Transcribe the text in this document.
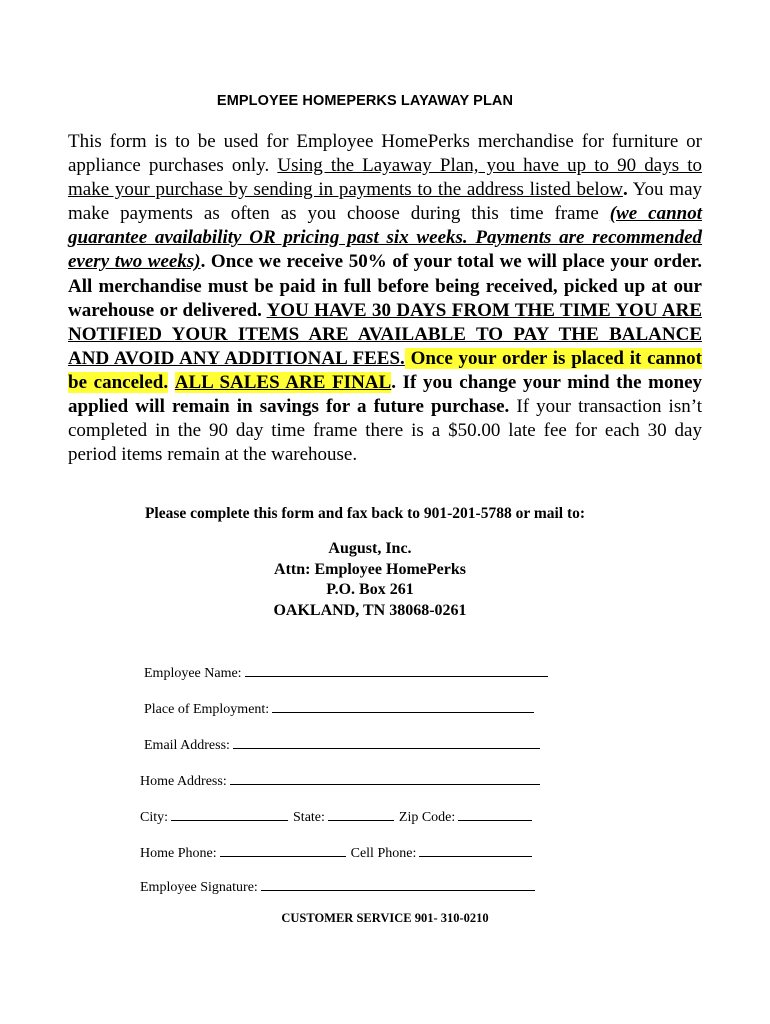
EMPLOYEE HOMEPERKS LAYAWAY PLAN
This form is to be used for Employee HomePerks merchandise for furniture or appliance purchases only. Using the Layaway Plan, you have up to 90 days to make your purchase by sending in payments to the address listed below. You may make payments as often as you choose during this time frame (we cannot guarantee availability OR pricing past six weeks. Payments are recommended every two weeks). Once we receive 50% of your total we will place your order. All merchandise must be paid in full before being received, picked up at our warehouse or delivered. YOU HAVE 30 DAYS FROM THE TIME YOU ARE NOTIFIED YOUR ITEMS ARE AVAILABLE TO PAY THE BALANCE AND AVOID ANY ADDITIONAL FEES. Once your order is placed it cannot be canceled. ALL SALES ARE FINAL. If you change your mind the money applied will remain in savings for a future purchase. If your transaction isn’t completed in the 90 day time frame there is a $50.00 late fee for each 30 day period items remain at the warehouse.
Please complete this form and fax back to 901-201-5788 or mail to:
August, Inc.
Attn: Employee HomePerks
P.O. Box 261
OAKLAND, TN 38068-0261
Employee Name:
Place of Employment:
Email Address:
Home Address:
City:	State:	Zip Code:
Home Phone:	Cell Phone:
Employee Signature:
CUSTOMER SERVICE 901- 310-0210
